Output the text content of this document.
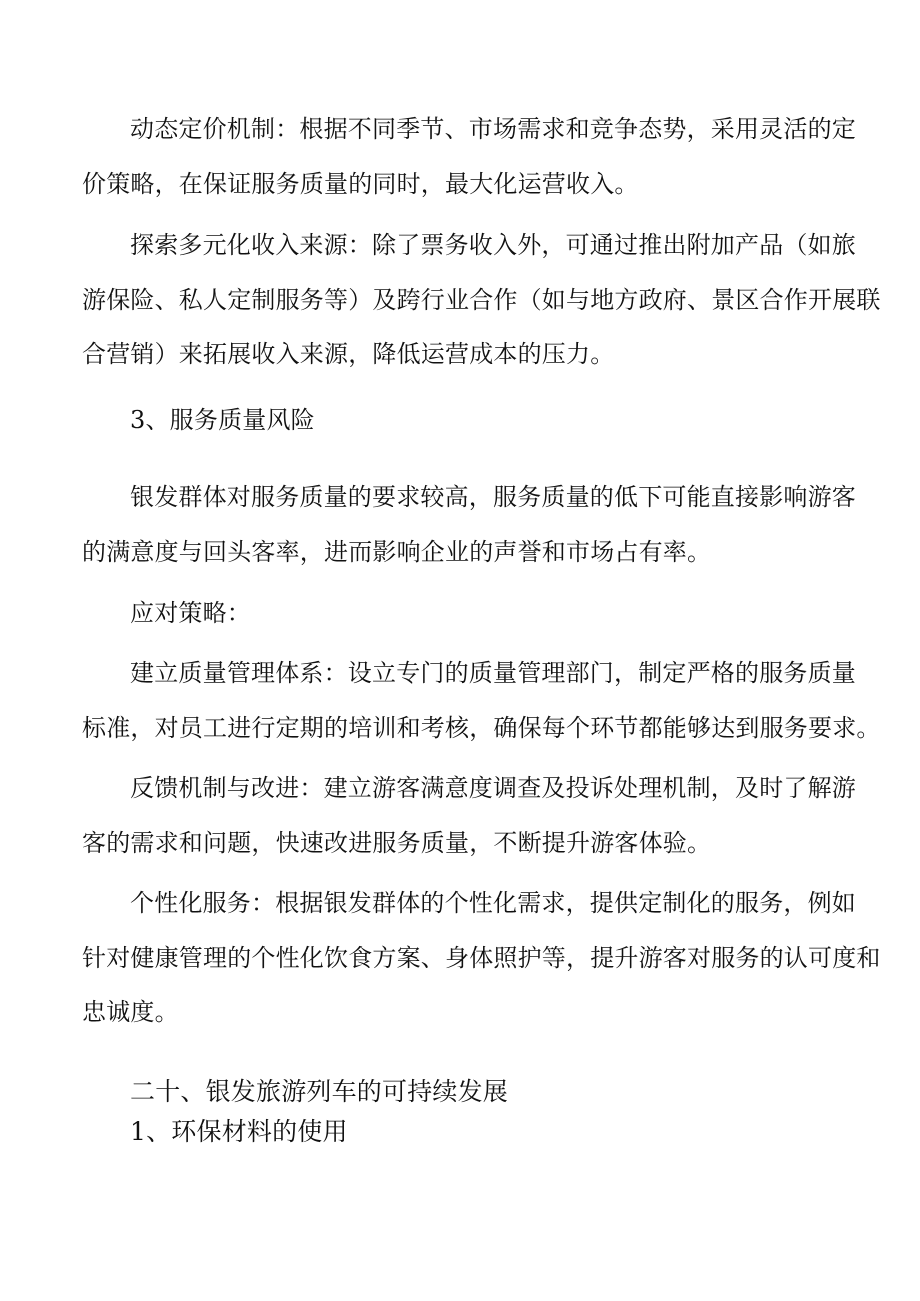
动态定价机制：根据不同季节、市场需求和竞争态势，采用灵活的定
价策略，在保证服务质量的同时，最大化运营收入。
探索多元化收入来源：除了票务收入外，可通过推出附加产品（如旅
游保险、私人定制服务等）及跨行业合作（如与地方政府、景区合作开展联
合营销）来拓展收入来源，降低运营成本的压力。
3、服务质量风险
银发群体对服务质量的要求较高，服务质量的低下可能直接影响游客
的满意度与回头客率，进而影响企业的声誉和市场占有率。
应对策略：
建立质量管理体系：设立专门的质量管理部门，制定严格的服务质量
标准，对员工进行定期的培训和考核，确保每个环节都能够达到服务要求。
反馈机制与改进：建立游客满意度调查及投诉处理机制，及时了解游
客的需求和问题，快速改进服务质量，不断提升游客体验。
个性化服务：根据银发群体的个性化需求，提供定制化的服务，例如
针对健康管理的个性化饮食方案、身体照护等，提升游客对服务的认可度和
忠诚度。
二十、银发旅游列车的可持续发展
1、环保材料的使用
